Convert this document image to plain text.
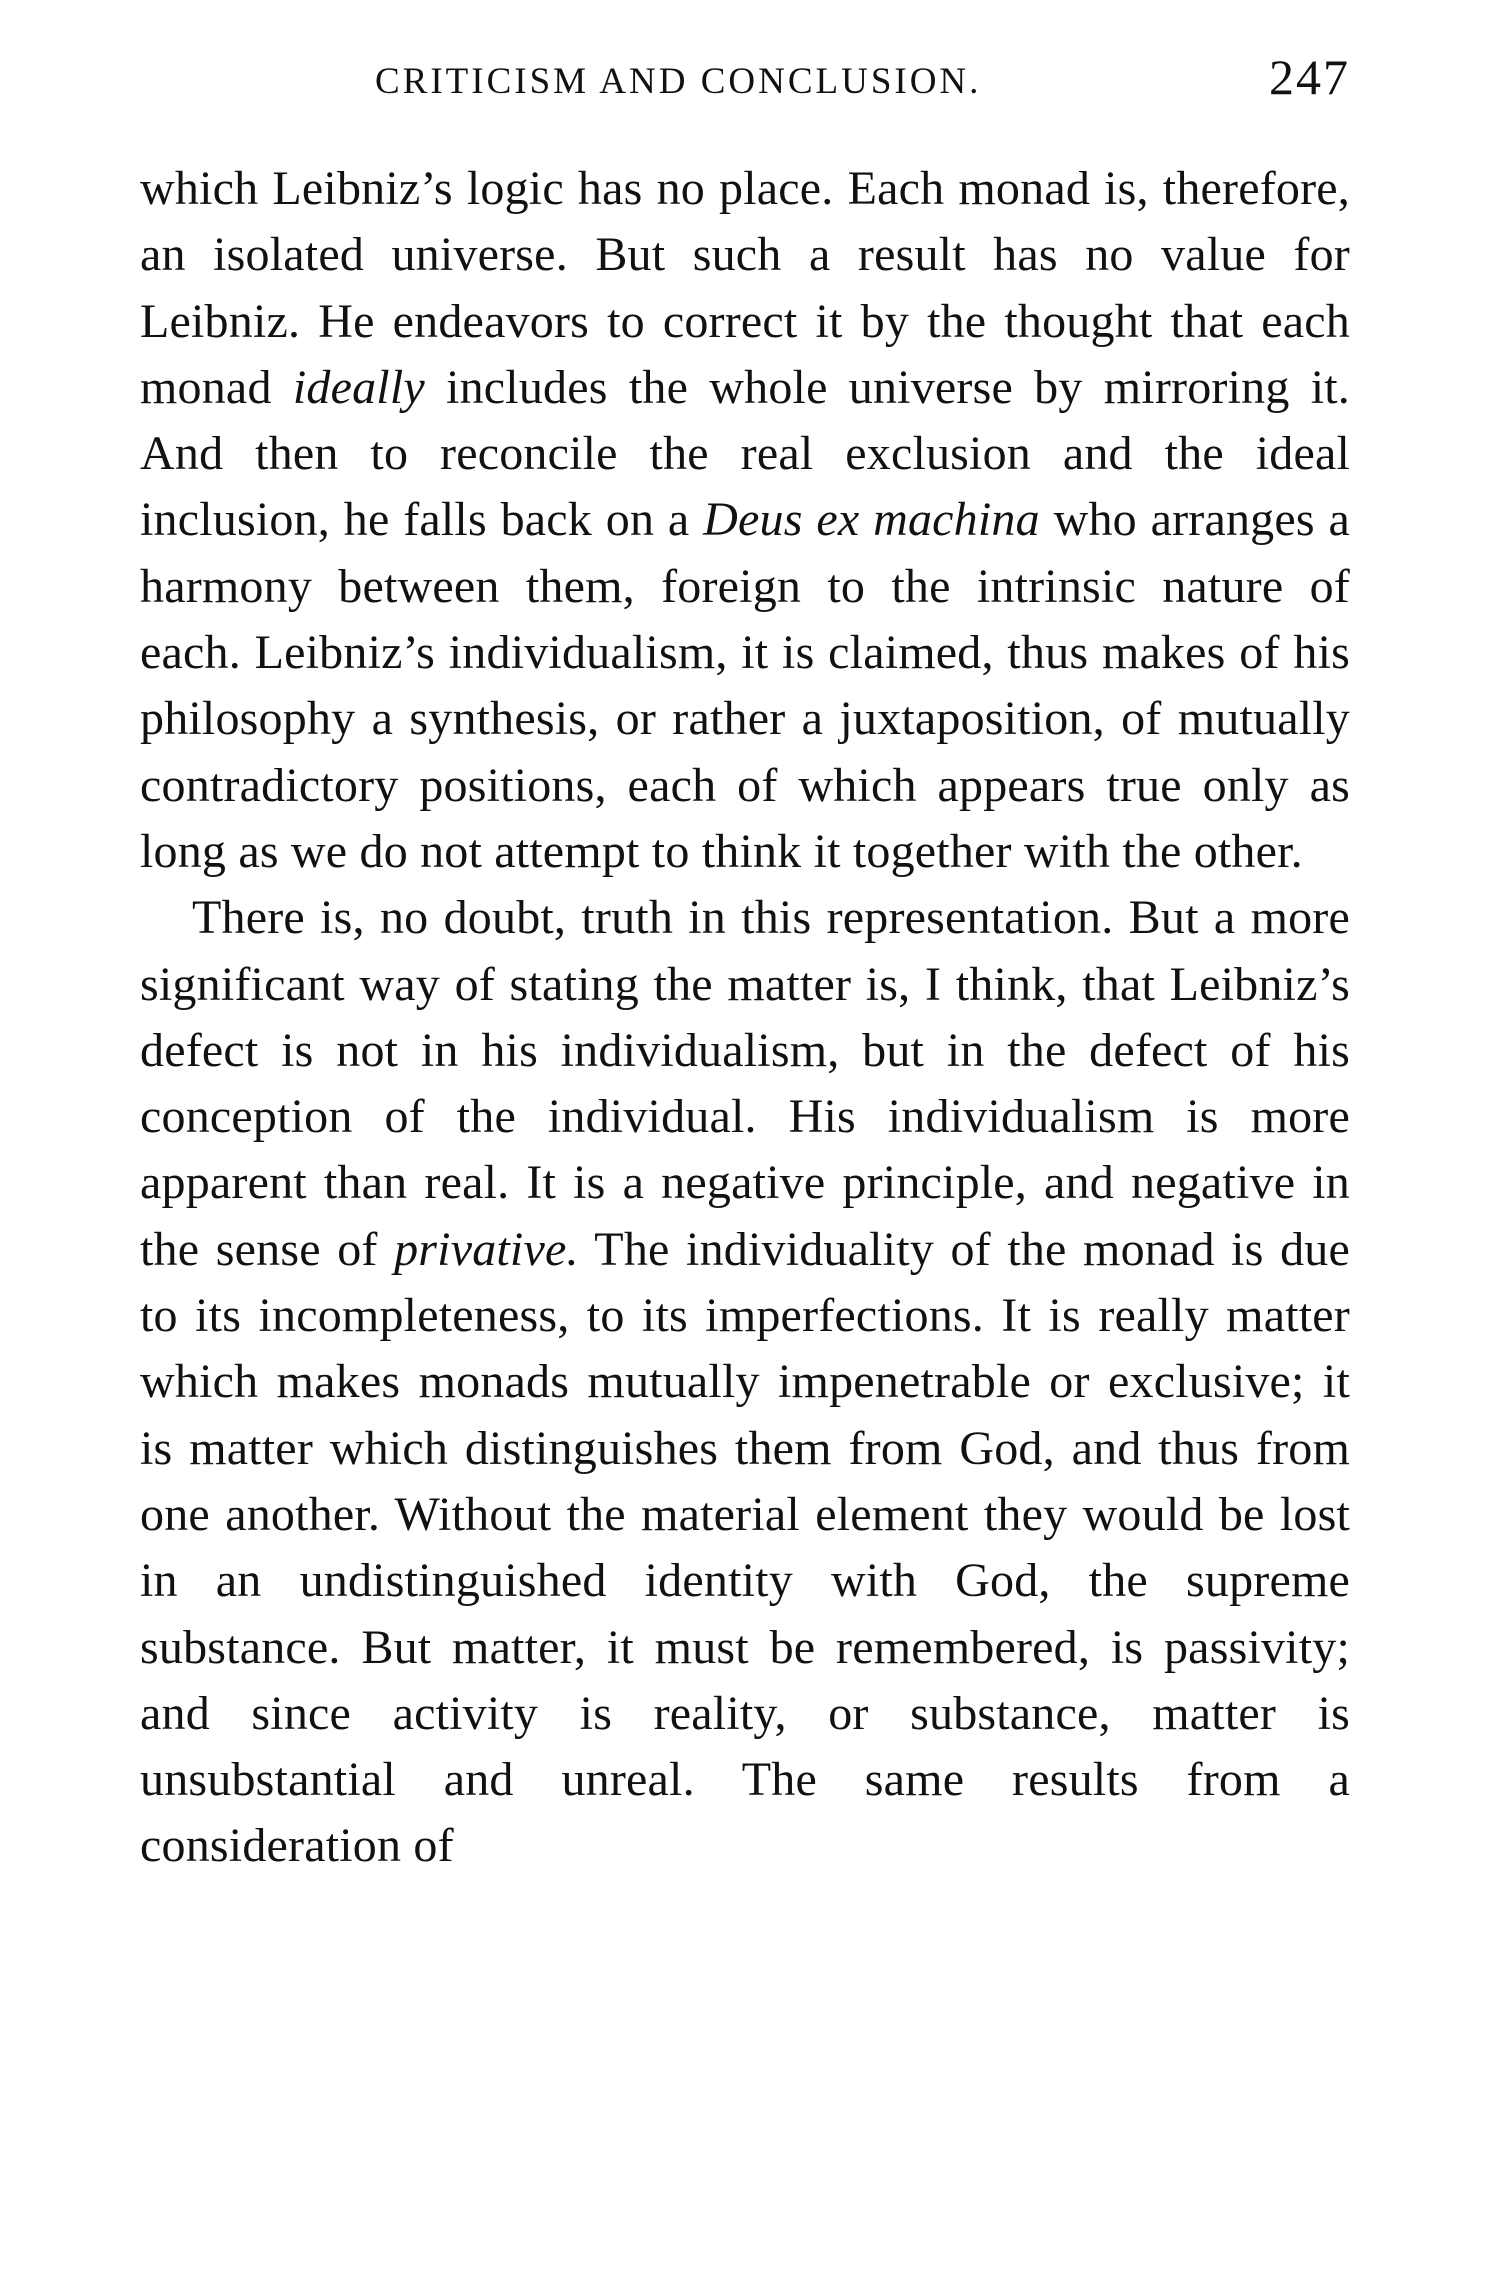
CRITICISM AND CONCLUSION.	247

which Leibniz’s logic has no place. Each monad is, therefore, an isolated universe. But such a result has no value for Leibniz. He endeavors to correct it by the thought that each monad ideally includes the whole universe by mirroring it. And then to reconcile the real exclusion and the ideal inclusion, he falls back on a Deus ex machina who arranges a harmony between them, foreign to the intrinsic nature of each. Leibniz’s individualism, it is claimed, thus makes of his philosophy a synthesis, or rather a juxtaposition, of mutually contradictory positions, each of which appears true only as long as we do not attempt to think it together with the other.

There is, no doubt, truth in this representation. But a more significant way of stating the matter is, I think, that Leibniz’s defect is not in his individualism, but in the defect of his conception of the individual. His individualism is more apparent than real. It is a negative principle, and negative in the sense of privative. The individuality of the monad is due to its incompleteness, to its imperfections. It is really matter which makes monads mutually impenetrable or exclusive; it is matter which distinguishes them from God, and thus from one another. Without the material element they would be lost in an undistinguished identity with God, the supreme substance. But matter, it must be remembered, is passivity; and since activity is reality, or substance, matter is unsubstantial and unreal. The same results from a consideration of
